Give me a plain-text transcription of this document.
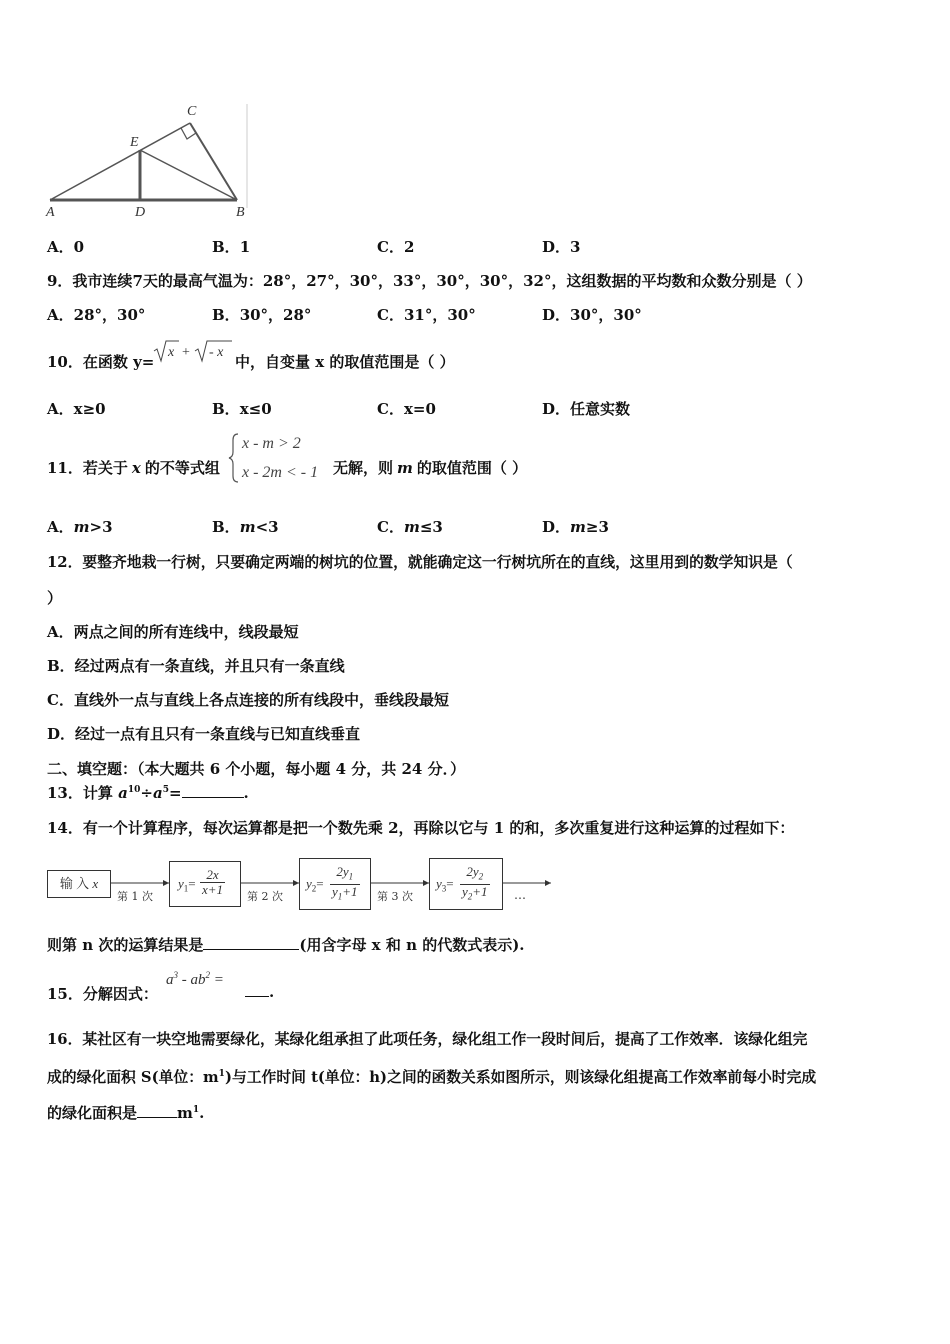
A	D	B
C
E
A．0	B．1	C．2	D．3
9．我市连续7天的最高气温为：28°，27°，30°，33°，30°，30°，32°，这组数据的平均数和众数分别是（ ）
A．28°，30°	B．30°，28°	C．31°，30°	D．30°，30°
10．在函数 y=
x + - x
中，自变量 x 的取值范围是（ ）
A．x≥0	B．x≤0	C．x=0	D．任意实数
11．若关于 x 的不等式组
x - m > 2
x - 2m < - 1 无解，则 m 的取值范围（ ）
A．m>3	B．m<3	C．m≤3	D．m≥3
12．要整齐地栽一行树，只要确定两端的树坑的位置，就能确定这一行树坑所在的直线，这里用到的数学知识是（
）
A．两点之间的所有连线中，线段最短
B．经过两点有一条直线，并且只有一条直线
C．直线外一点与直线上各点连接的所有线段中，垂线段最短
D．经过一点有且只有一条直线与已知直线垂直
二、填空题：（本大题共 6 个小题，每小题 4 分，共 24 分．）
13．计算 $a^{10}\div a^5=$	.
14．有一个计算程序，每次运算都是把一个数先乘 2，再除以它与 1 的和，多次重复进行这种运算的过程如下：
输 入 x
第 1 次
$y_1= \frac{2x}{x+1}$ 第 2 次
$y_2= \frac{2y_1}{y_1+1}$ 第 3 次
$y_3= \frac{2y_2}{y_2+1}$ …
则第 n 次的运算结果是	(用含字母 x 和 n 的代数式表示).
15．分解因式：
$a^3 - ab^2$ =
.
16．某社区有一块空地需要绿化，某绿化组承担了此项任务，绿化组工作一段时间后，提高了工作效率．该绿化组完
成的绿化面积 S(单位：$m^1$)与工作时间 t(单位：h)之间的函数关系如图所示，则该绿化组提高工作效率前每小时完成
的绿化面积是	$m^1$.
